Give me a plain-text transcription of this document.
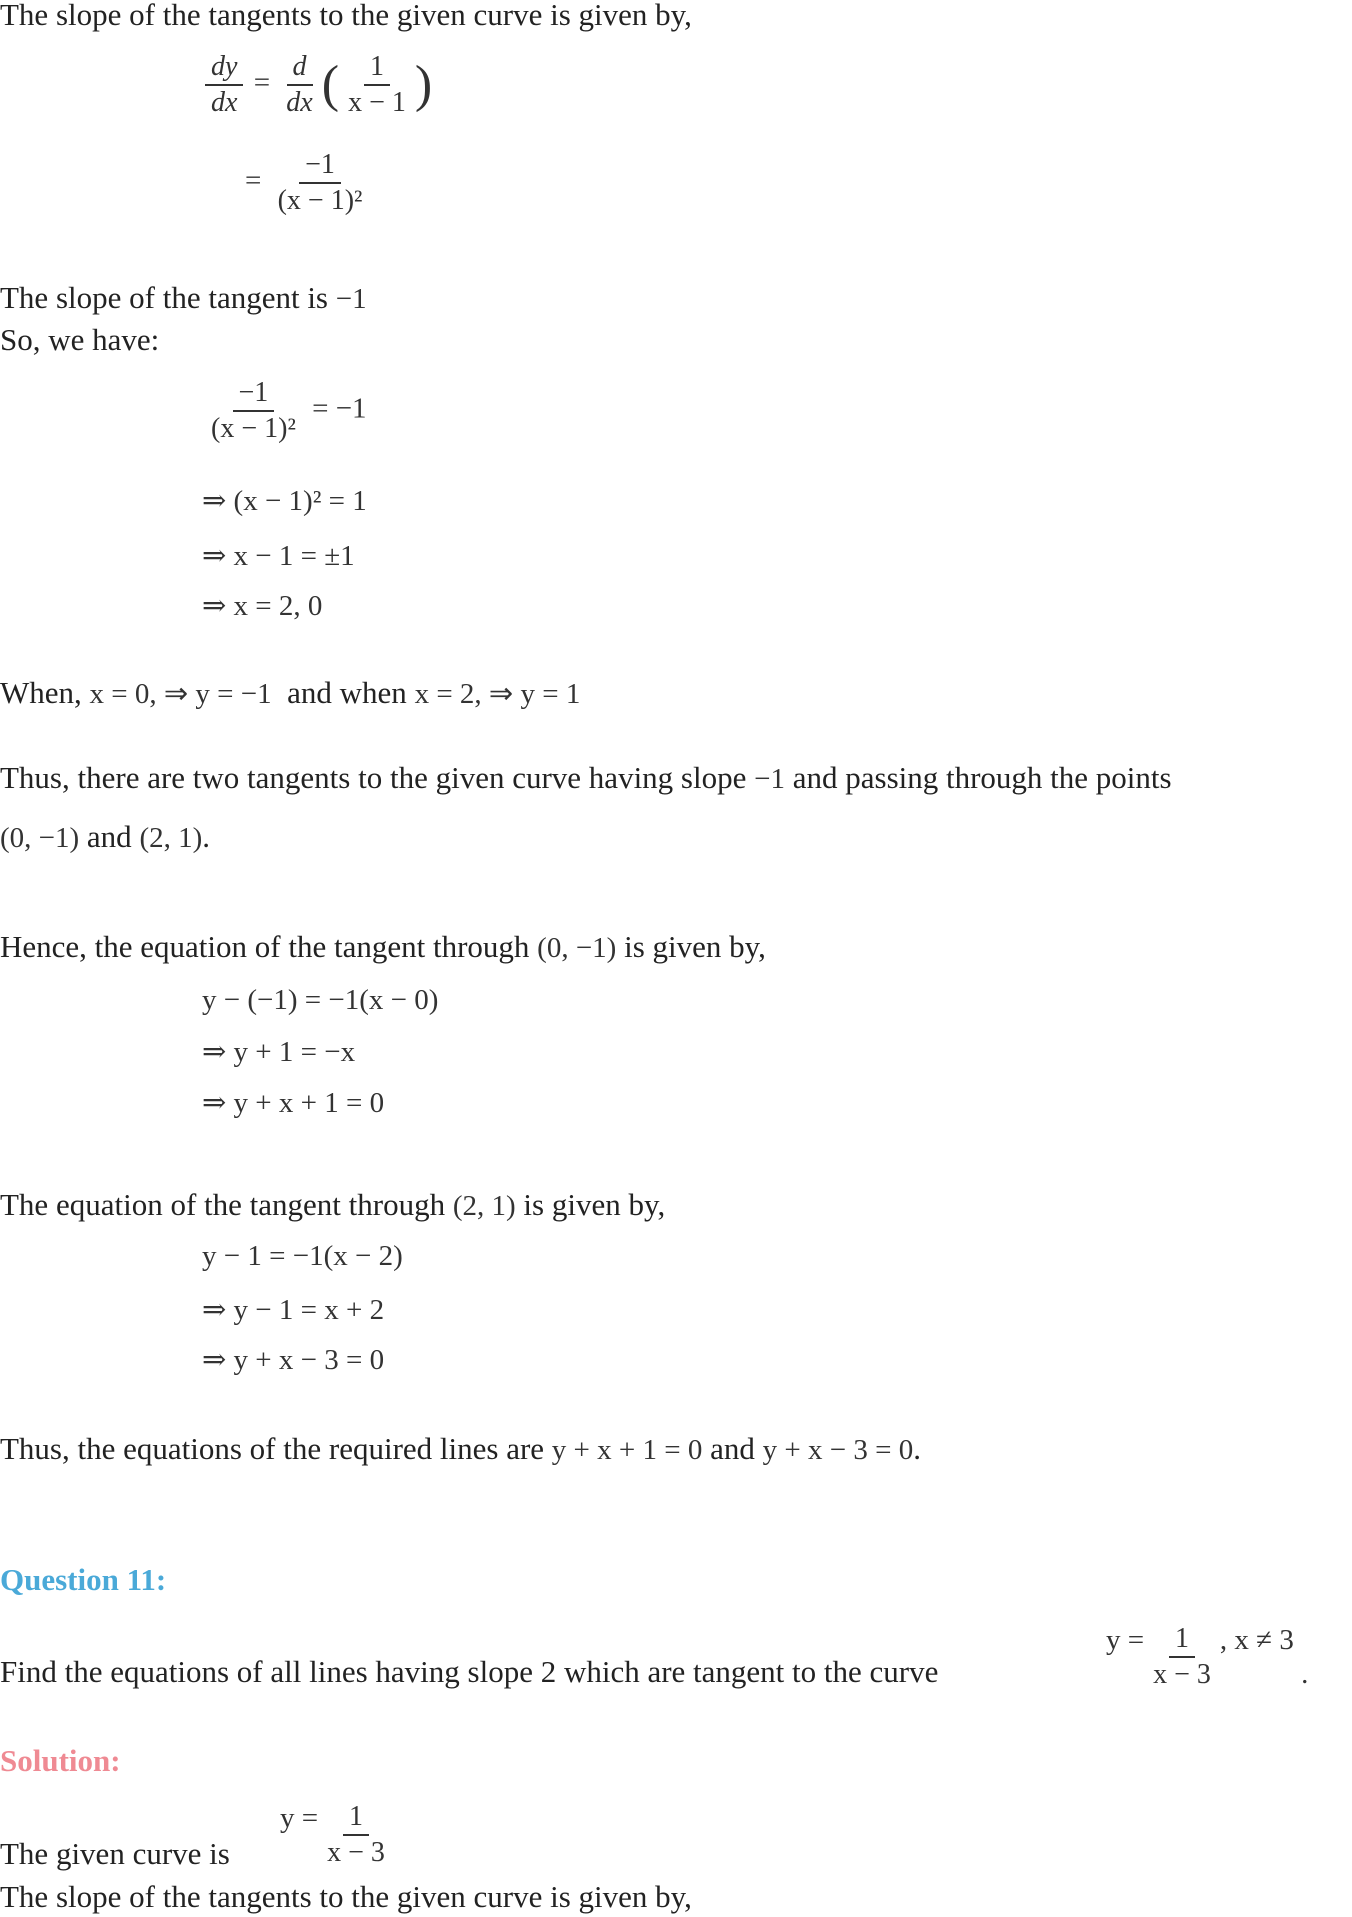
The slope of the tangents to the given curve is given by,
$\frac{dy}{dx} = \frac{d}{dx}$ ( $\frac{1}{x - 1}$ )
= $\frac{-1}{\text{(x − 1)²}}$
The slope of the tangent is −1
So, we have:
$\frac{-1}{\text{(x − 1)²}} = -1$
⇒ (x − 1)² = 1
⇒ x − 1 = ±1
⇒ x = 2, 0
When, x = 0, ⇒ y = −1 and when x = 2, ⇒ y = 1
Thus, there are two tangents to the given curve having slope −1 and passing through the points
(0, −1) and (2, 1).
Hence, the equation of the tangent through (0, −1) is given by,
y − (−1) = −1(x − 0)
⇒ y + 1 = −x
⇒ y + x + 1 = 0
The equation of the tangent through (2, 1) is given by,
y − 1 = −1(x − 2)
⇒ y − 1 = x + 2
⇒ y + x − 3 = 0
Thus, the equations of the required lines are y + x + 1 = 0 and y + x − 3 = 0.
Question 11:
Find the equations of all lines having slope 2 which are tangent to the curve
$y = \frac{1}{x - 3}$ , x ≠ 3 .
Solution:
The given curve is
$y = \frac{1}{x - 3}$
The slope of the tangents to the given curve is given by,
